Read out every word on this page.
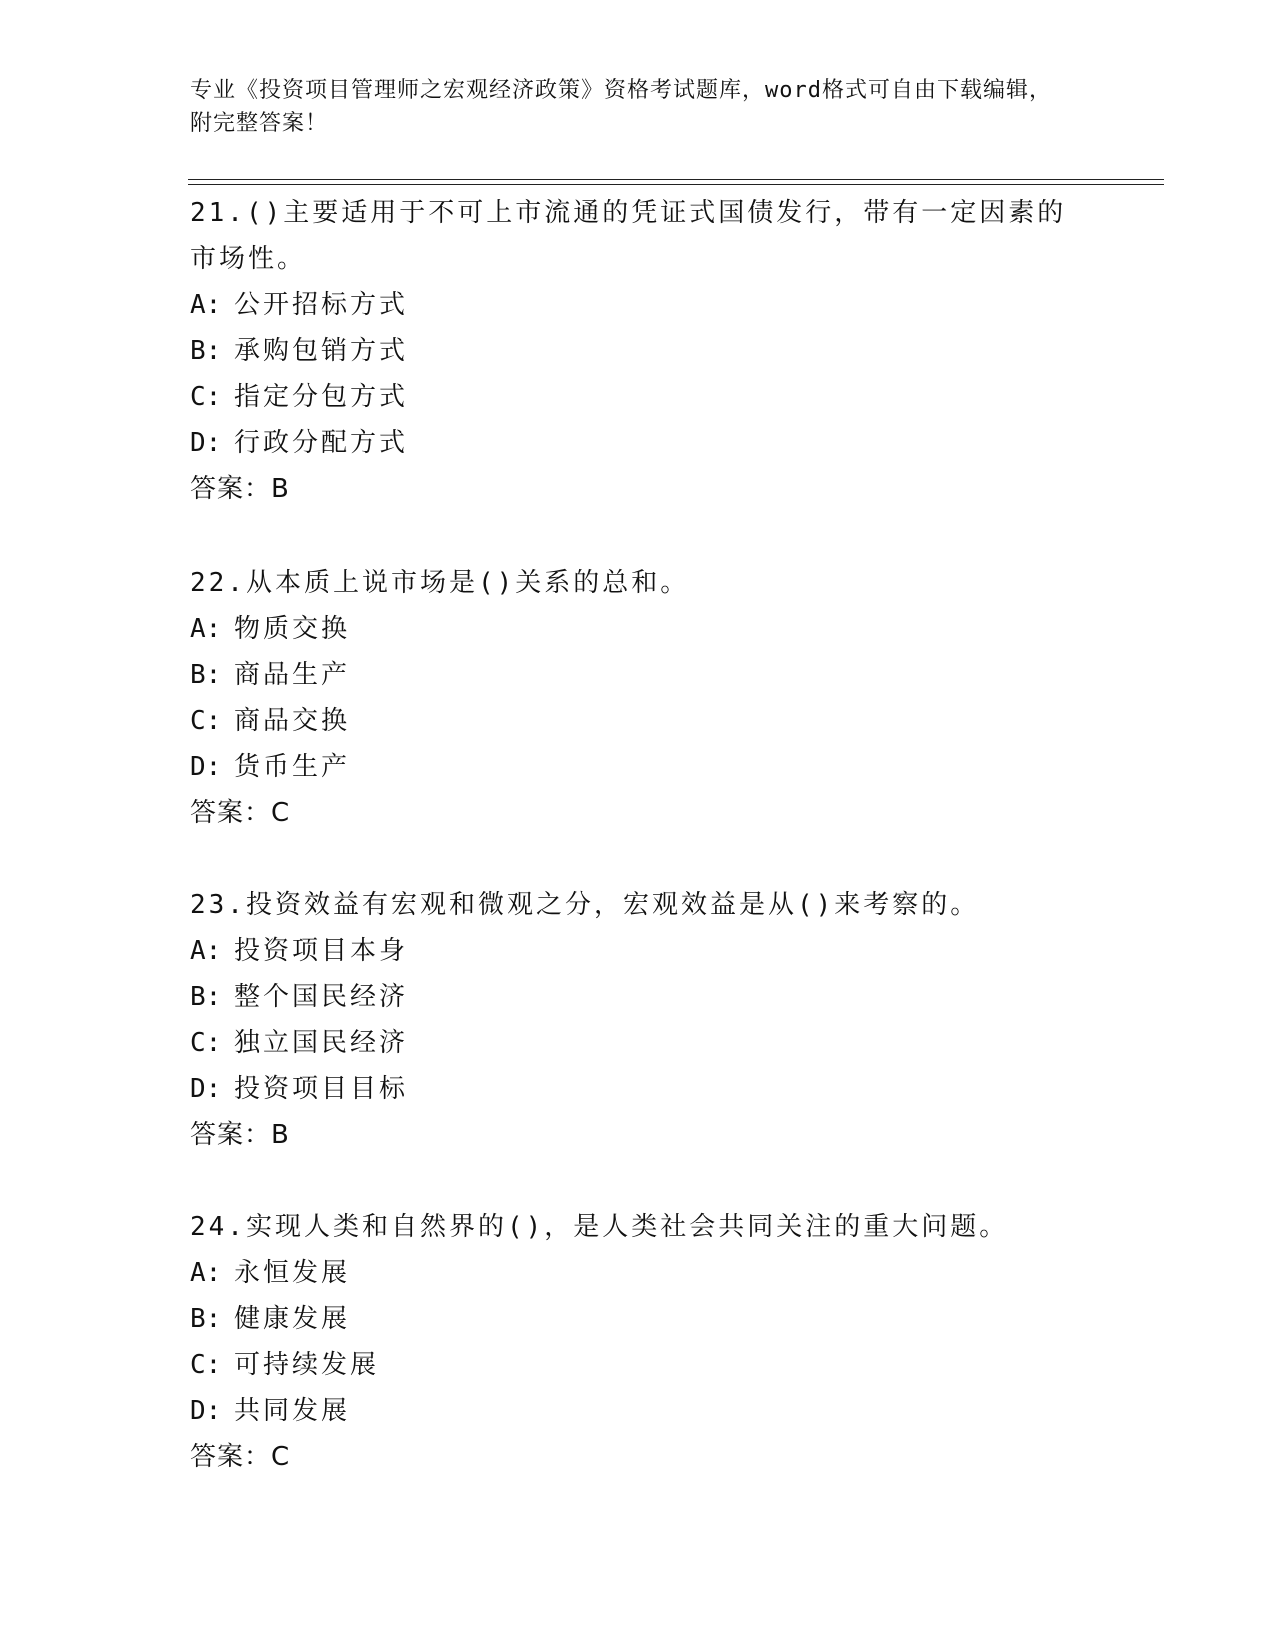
专业《投资项目管理师之宏观经济政策》资格考试题库，word格式可自由下载编辑，附完整答案！

21.()主要适用于不可上市流通的凭证式国债发行，带有一定因素的市场性。

A: 公开招标方式
B: 承购包销方式
C: 指定分包方式
D: 行政分配方式

答案：B

22.从本质上说市场是()关系的总和。

A: 物质交换
B: 商品生产
C: 商品交换
D: 货币生产

答案：C

23.投资效益有宏观和微观之分，宏观效益是从()来考察的。

A: 投资项目本身
B: 整个国民经济
C: 独立国民经济
D: 投资项目目标

答案：B

24.实现人类和自然界的()，是人类社会共同关注的重大问题。

A: 永恒发展
B: 健康发展
C: 可持续发展
D: 共同发展

答案：C
